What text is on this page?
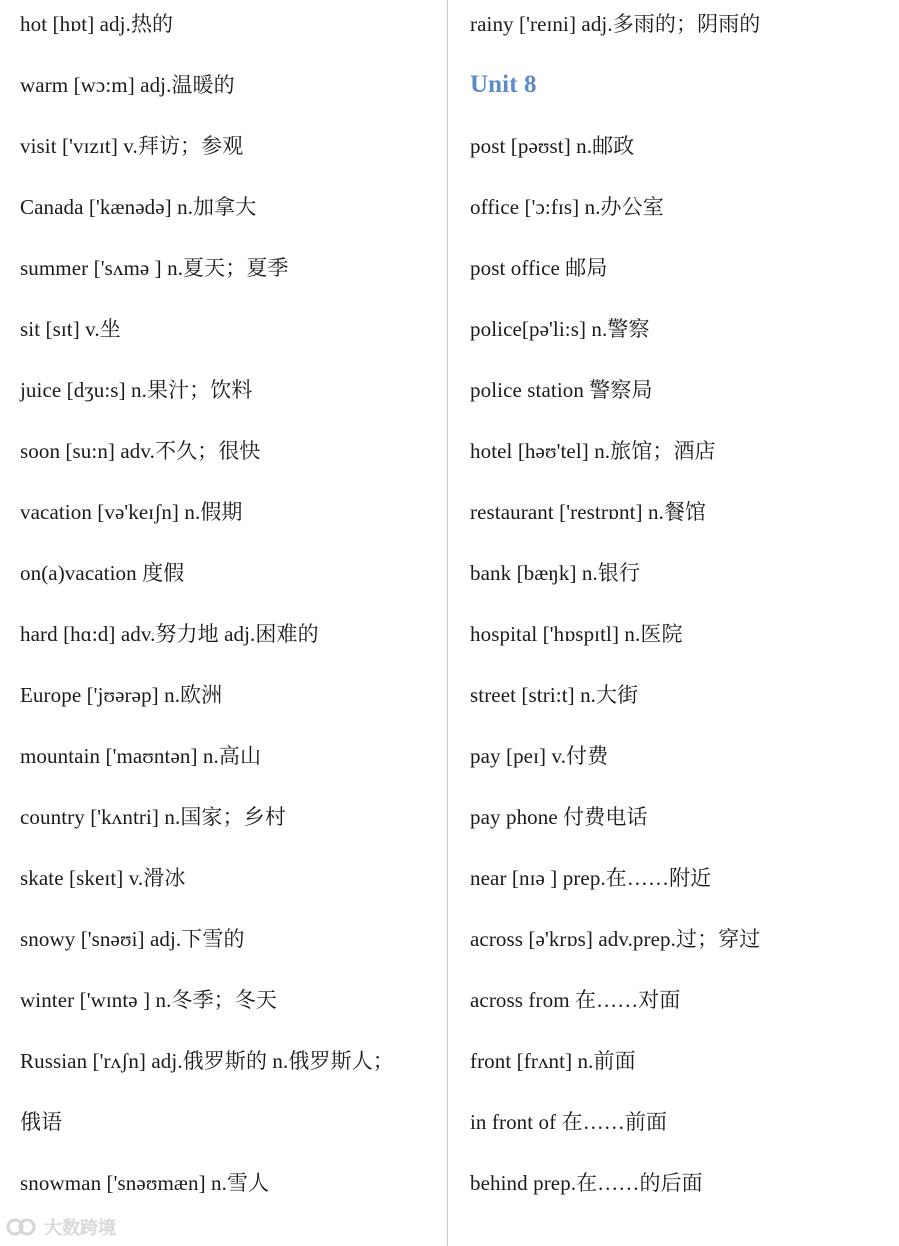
hot [hɒt] adj.热的
warm [wɔ:m] adj.温暖的
visit ['vɪzɪt] v.拜访；参观
Canada ['kænədə] n.加拿大
summer ['sʌmə ] n.夏天；夏季
sit [sɪt] v.坐
juice [dʒu:s] n.果汁；饮料
soon [su:n] adv.不久；很快
vacation [və'keɪʃn] n.假期
on(a)vacation 度假
hard [hɑ:d] adv.努力地 adj.困难的
Europe ['jʊərəp] n.欧洲
mountain ['maʊntən] n.高山
country ['kʌntri] n.国家；乡村
skate [skeɪt] v.滑冰
snowy ['snəʊi] adj.下雪的
winter ['wɪntə ] n.冬季；冬天
Russian ['rʌʃn] adj.俄罗斯的 n.俄罗斯人；
俄语
snowman ['snəʊmæn] n.雪人
rainy ['reɪni] adj.多雨的；阴雨的
Unit 8
post [pəʊst] n.邮政
office ['ɔ:fɪs] n.办公室
post office 邮局
police[pə'li:s] n.警察
police station 警察局
hotel [həʊ'tel] n.旅馆；酒店
restaurant ['restrɒnt] n.餐馆
bank [bæŋk] n.银行
hospital ['hɒspɪtl] n.医院
street [stri:t] n.大街
pay [peɪ] v.付费
pay phone 付费电话
near [nɪə ] prep.在……附近
across [ə'krɒs] adv.prep.过；穿过
across from 在……对面
front [frʌnt] n.前面
in front of 在……前面
behind prep.在……的后面
大数跨境
